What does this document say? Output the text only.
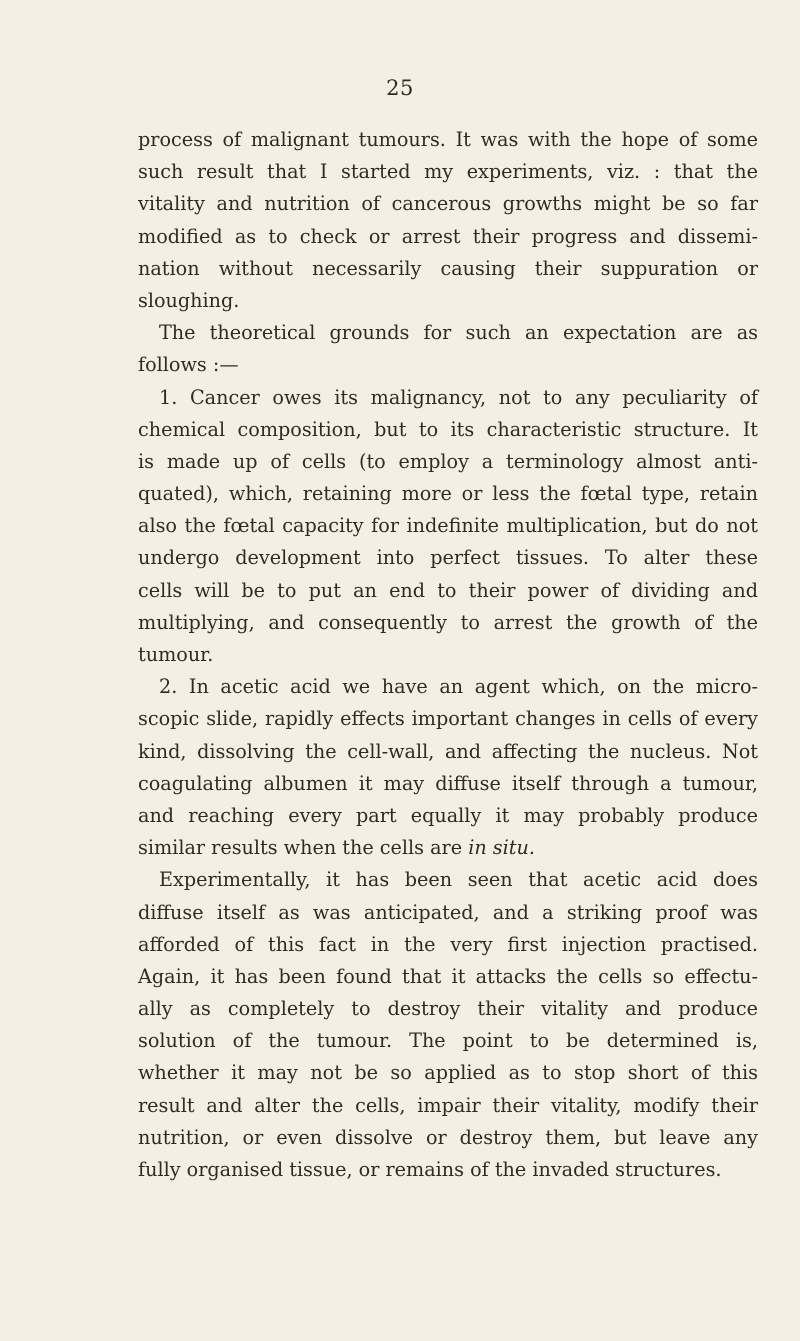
25
process of malignant tumours. It was with the hope of some
such result that I started my experiments, viz. : that the
vitality and nutrition of cancerous growths might be so far
modified as to check or arrest their progress and dissemi-
nation without necessarily causing their suppuration or
sloughing.
The theoretical grounds for such an expectation are as
follows :—
1. Cancer owes its malignancy, not to any peculiarity of
chemical composition, but to its characteristic structure. It
is made up of cells (to employ a terminology almost anti-
quated), which, retaining more or less the fœtal type, retain
also the fœtal capacity for indefinite multiplication, but do not
undergo development into perfect tissues. To alter these
cells will be to put an end to their power of dividing and
multiplying, and consequently to arrest the growth of the
tumour.
2. In acetic acid we have an agent which, on the micro-
scopic slide, rapidly effects important changes in cells of every
kind, dissolving the cell-wall, and affecting the nucleus. Not
coagulating albumen it may diffuse itself through a tumour,
and reaching every part equally it may probably produce
similar results when the cells are in situ.
Experimentally, it has been seen that acetic acid does
diffuse itself as was anticipated, and a striking proof was
afforded of this fact in the very first injection practised.
Again, it has been found that it attacks the cells so effectu-
ally as completely to destroy their vitality and produce
solution of the tumour. The point to be determined is,
whether it may not be so applied as to stop short of this
result and alter the cells, impair their vitality, modify their
nutrition, or even dissolve or destroy them, but leave any
fully organised tissue, or remains of the invaded structures.
